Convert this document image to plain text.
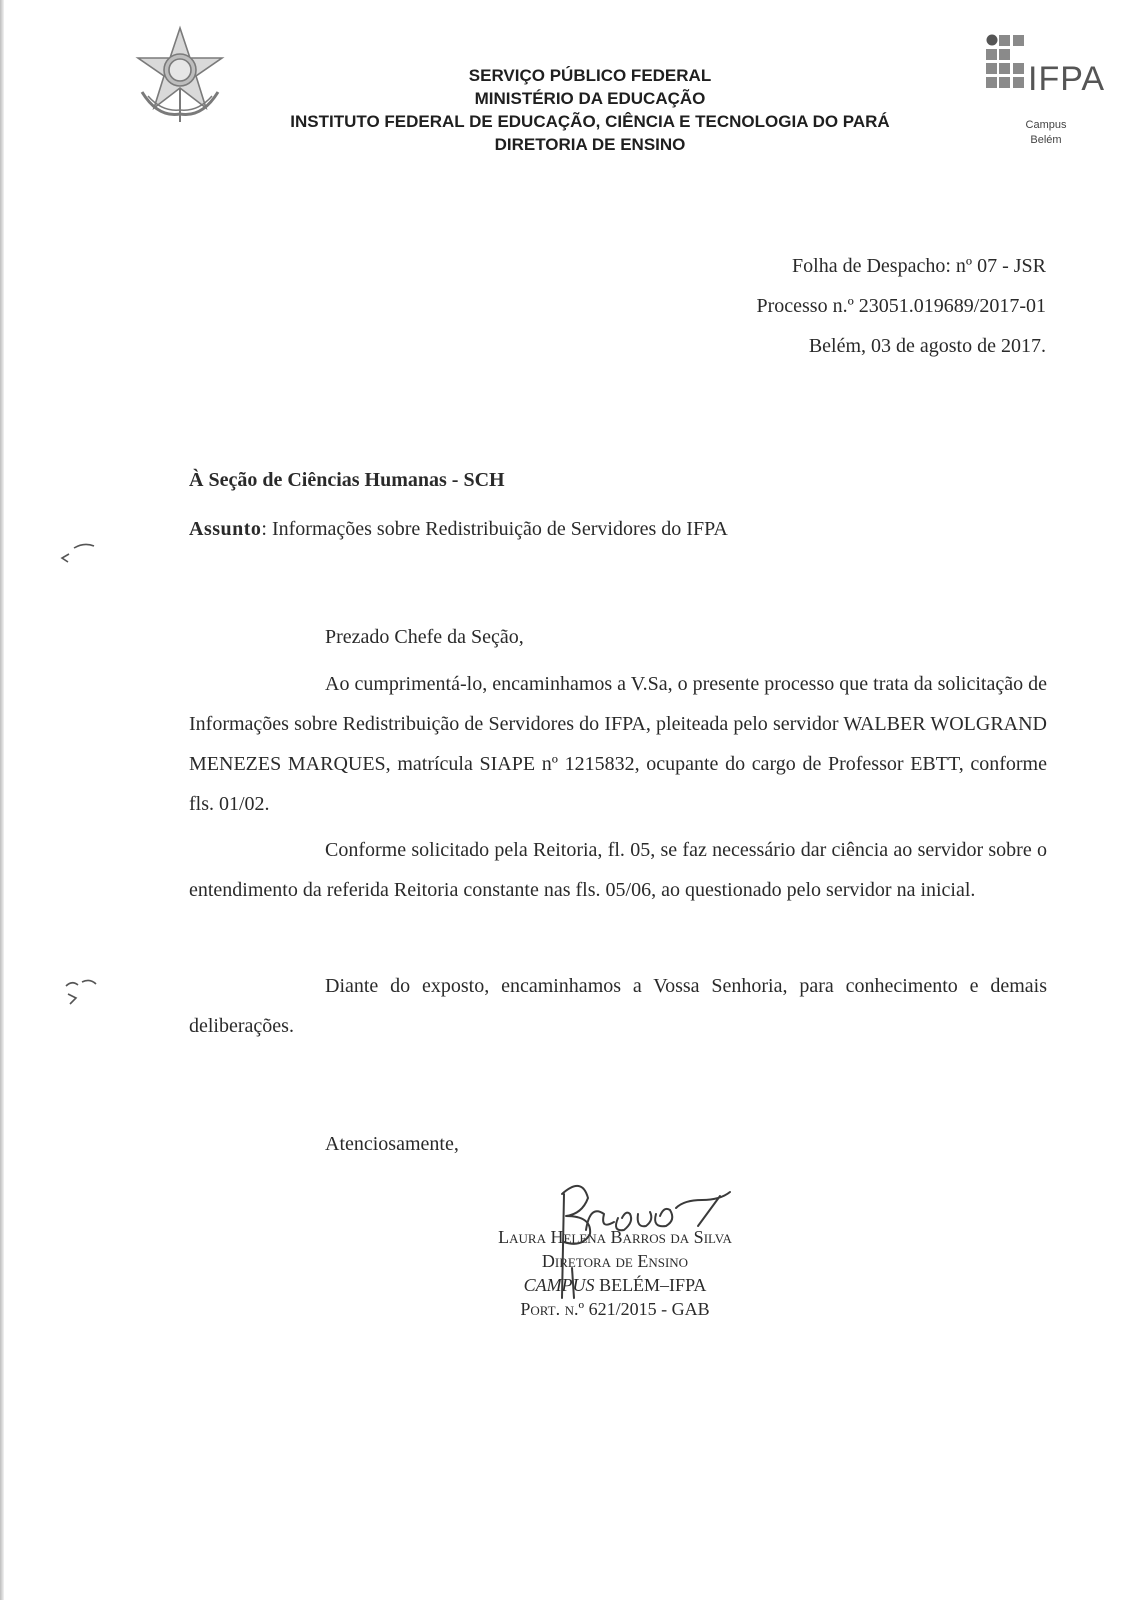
SERVIÇO PÚBLICO FEDERAL
MINISTÉRIO DA EDUCAÇÃO
INSTITUTO FEDERAL DE EDUCAÇÃO, CIÊNCIA E TECNOLOGIA DO PARÁ
DIRETORIA DE ENSINO
IFPA
Campus
Belém
Folha de Despacho: nº 07 - JSR
Processo n.º 23051.019689/2017-01
Belém, 03 de agosto de 2017.
À Seção de Ciências Humanas - SCH
Assunto: Informações sobre Redistribuição de Servidores do IFPA
Prezado Chefe da Seção,

Ao cumprimentá-lo, encaminhamos a V.Sa, o presente processo que trata da solicitação de Informações sobre Redistribuição de Servidores do IFPA, pleiteada pelo servidor WALBER WOLGRAND MENEZES MARQUES, matrícula SIAPE nº 1215832, ocupante do cargo de Professor EBTT, conforme fls. 01/02.

Conforme solicitado pela Reitoria, fl. 05, se faz necessário dar ciência ao servidor sobre o entendimento da referida Reitoria constante nas fls. 05/06, ao questionado pelo servidor na inicial.

Diante do exposto, encaminhamos a Vossa Senhoria, para conhecimento e demais deliberações.

Atenciosamente,
Laura Helena Barros da Silva
Diretora de Ensino
CAMPUS BELÉM–IFPA
Port. n.º 621/2015 - GAB
